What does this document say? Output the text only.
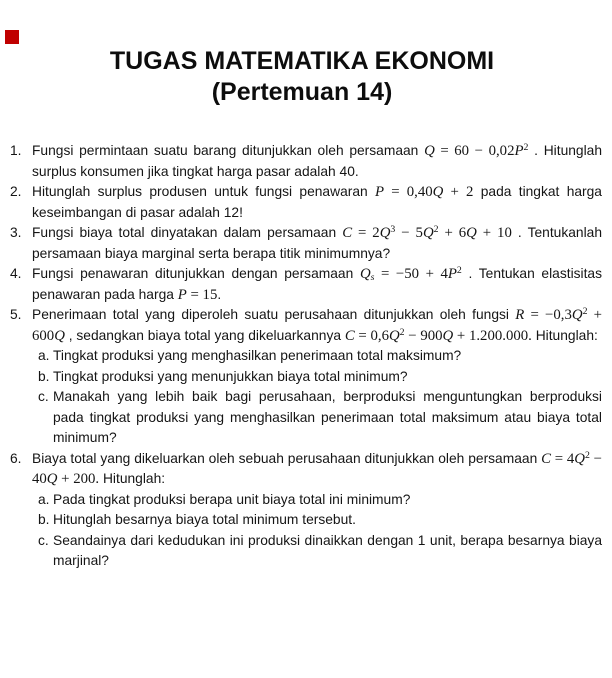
TUGAS MATEMATIKA EKONOMI
(Pertemuan 14)
1. Fungsi permintaan suatu barang ditunjukkan oleh persamaan $Q = 60 - 0,02P^2$ . Hitunglah surplus konsumen jika tingkat harga pasar adalah 40.
2. Hitunglah surplus produsen untuk fungsi penawaran P = 0,40Q + 2 pada tingkat harga keseimbangan di pasar adalah 12!
3. Fungsi biaya total dinyatakan dalam persamaan $C = 2Q^3 - 5Q^2 + 6Q + 10$ . Tentukanlah persamaan biaya marginal serta berapa titik minimumnya?
4. Fungsi penawaran ditunjukkan dengan persamaan $Q_s = -50 + 4P^2$ . Tentukan elastisitas penawaran pada harga P = 15.
5. Penerimaan total yang diperoleh suatu perusahaan ditunjukkan oleh fungsi $R = -0,3Q^2 + 600Q$ , sedangkan biaya total yang dikeluarkannya $C = 0,6Q^2 - 900Q + 1.200.000$. Hitunglah:
a. Tingkat produksi yang menghasilkan penerimaan total maksimum?
b. Tingkat produksi yang menunjukkan biaya total minimum?
c. Manakah yang lebih baik bagi perusahaan, berproduksi menguntungkan berproduksi pada tingkat produksi yang menghasilkan penerimaan total maksimum atau biaya total minimum?
6. Biaya total yang dikeluarkan oleh sebuah perusahaan ditunjukkan oleh persamaan $C = 4Q^2 - 40Q + 200$. Hitunglah:
a. Pada tingkat produksi berapa unit biaya total ini minimum?
b. Hitunglah besarnya biaya total minimum tersebut.
c. Seandainya dari kedudukan ini produksi dinaikkan dengan 1 unit, berapa besarnya biaya marjinal?
